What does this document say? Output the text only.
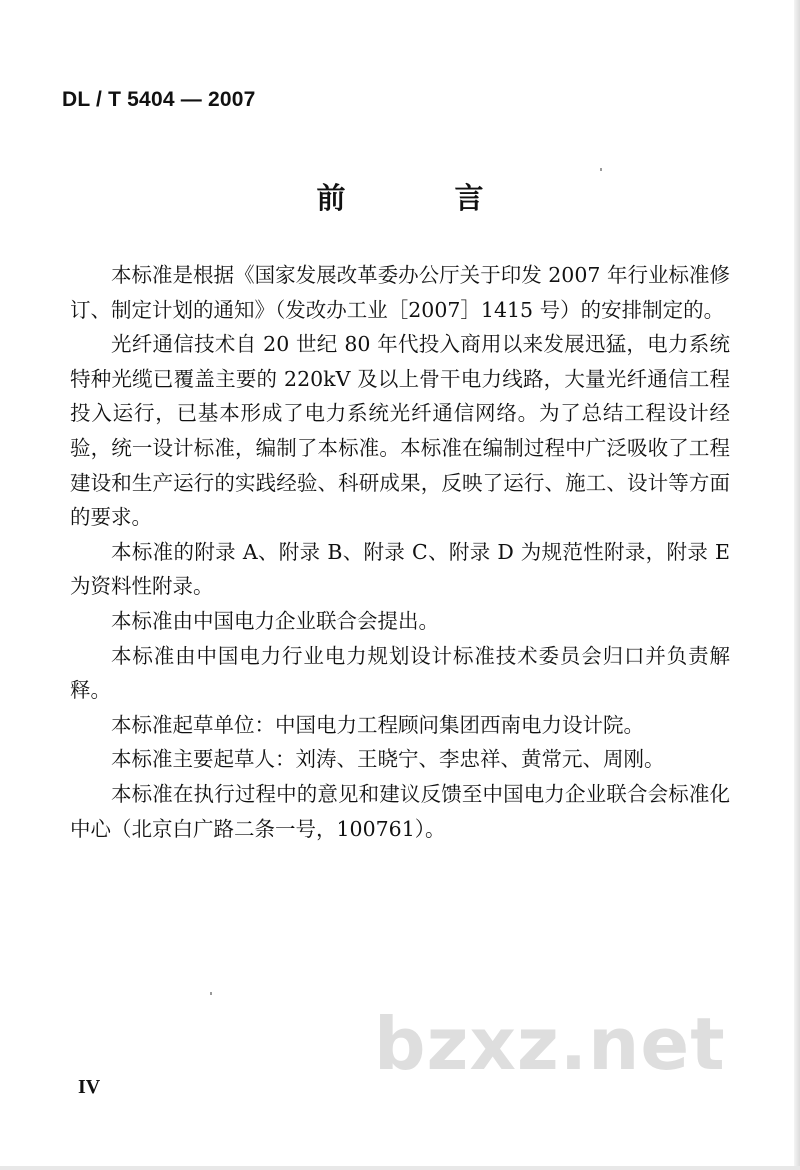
DL / T 5404 — 2007
前　言

本标准是根据《国家发展改革委办公厅关于印发 2007 年行业标准修订、制定计划的通知》（发改办工业［2007］1415 号）的安排制定的。

光纤通信技术自 20 世纪 80 年代投入商用以来发展迅猛，电力系统特种光缆已覆盖主要的 220kV 及以上骨干电力线路，大量光纤通信工程投入运行，已基本形成了电力系统光纤通信网络。为了总结工程设计经验，统一设计标准，编制了本标准。本标准在编制过程中广泛吸收了工程建设和生产运行的实践经验、科研成果，反映了运行、施工、设计等方面的要求。

本标准的附录 A、附录 B、附录 C、附录 D 为规范性附录，附录 E 为资料性附录。

本标准由中国电力企业联合会提出。

本标准由中国电力行业电力规划设计标准技术委员会归口并负责解释。

本标准起草单位：中国电力工程顾问集团西南电力设计院。

本标准主要起草人：刘涛、王晓宁、李忠祥、黄常元、周刚。

本标准在执行过程中的意见和建议反馈至中国电力企业联合会标准化中心（北京白广路二条一号，100761）。

bzxz.net
IV
